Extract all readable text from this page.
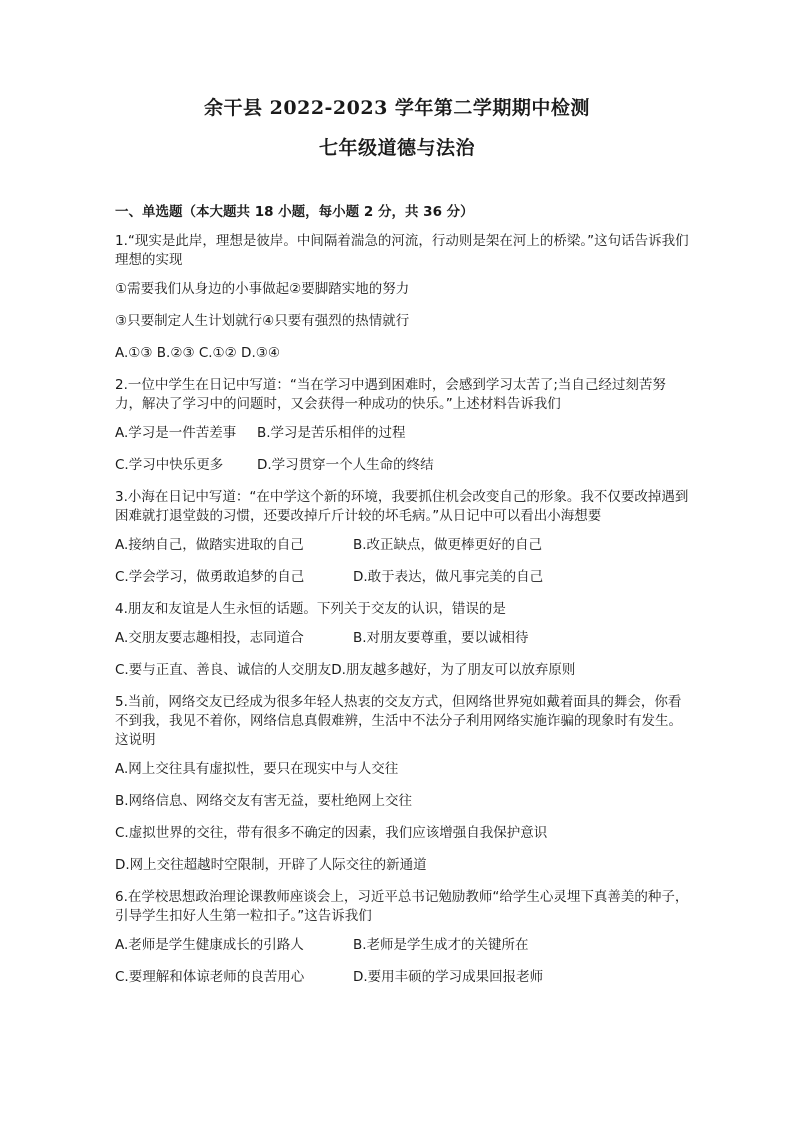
余干县 2022-2023 学年第二学期期中检测
七年级道德与法治
一、单选题（本大题共 18 小题，每小题 2 分，共 36 分）
1.“现实是此岸，理想是彼岸。中间隔着湍急的河流，行动则是架在河上的桥梁。”这句话告诉我们理想的实现
①需要我们从身边的小事做起②要脚踏实地的努力
③只要制定人生计划就行④只要有强烈的热情就行
A.①③ B.②③ C.①② D.③④
2.一位中学生在日记中写道：“当在学习中遇到困难时，会感到学习太苦了;当自己经过刻苦努力，解决了学习中的问题时，又会获得一种成功的快乐。”上述材料告诉我们
A.学习是一件苦差事	B.学习是苦乐相伴的过程
C.学习中快乐更多	D.学习贯穿一个人生命的终结
3.小海在日记中写道：“在中学这个新的环境，我要抓住机会改变自己的形象。我不仅要改掉遇到困难就打退堂鼓的习惯，还要改掉斤斤计较的坏毛病。”从日记中可以看出小海想要
A.接纳自己，做踏实进取的自己	B.改正缺点，做更棒更好的自己
C.学会学习，做勇敢追梦的自己	D.敢于表达，做凡事完美的自己
4.朋友和友谊是人生永恒的话题。下列关于交友的认识，错误的是
A.交朋友要志趣相投，志同道合	B.对朋友要尊重，要以诚相待
C.要与正直、善良、诚信的人交朋友 D.朋友越多越好，为了朋友可以放弃原则
5.当前，网络交友已经成为很多年轻人热衷的交友方式，但网络世界宛如戴着面具的舞会，你看不到我，我见不着你，网络信息真假难辨，生活中不法分子利用网络实施诈骗的现象时有发生。这说明
A.网上交往具有虚拟性，要只在现实中与人交往
B.网络信息、网络交友有害无益，要杜绝网上交往
C.虚拟世界的交往，带有很多不确定的因素，我们应该增强自我保护意识
D.网上交往超越时空限制，开辟了人际交往的新通道
6.在学校思想政治理论课教师座谈会上，习近平总书记勉励教师“给学生心灵埋下真善美的种子，引导学生扣好人生第一粒扣子。”这告诉我们
A.老师是学生健康成长的引路人	B.老师是学生成才的关键所在
C.要理解和体谅老师的良苦用心	D.要用丰硕的学习成果回报老师
